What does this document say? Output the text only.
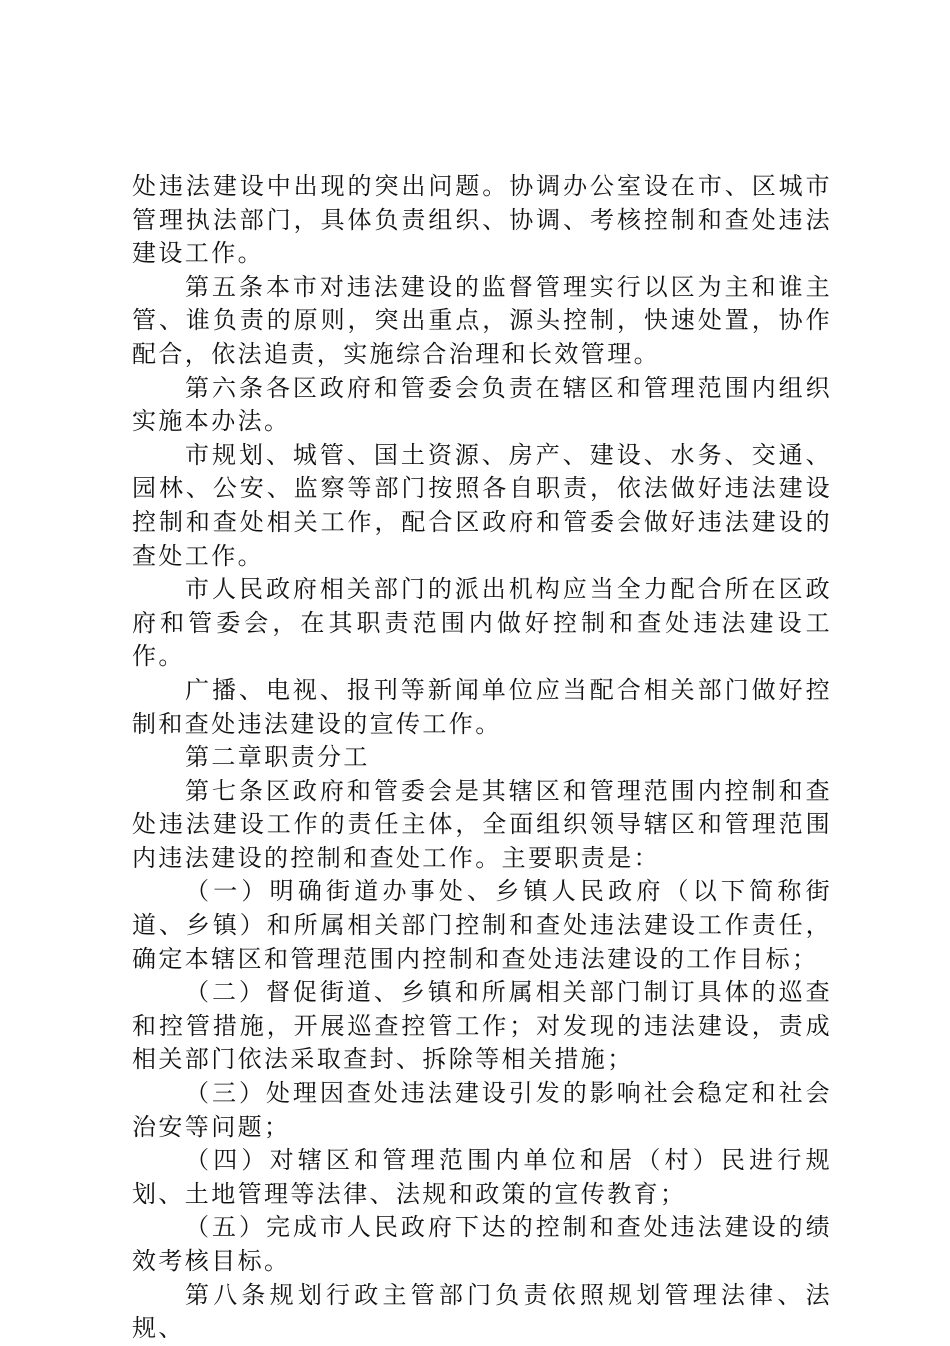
处违法建设中出现的突出问题。协调办公室设在市、区城市管理执法部门，具体负责组织、协调、考核控制和查处违法建设工作。

第五条本市对违法建设的监督管理实行以区为主和谁主管、谁负责的原则，突出重点，源头控制，快速处置，协作配合，依法追责，实施综合治理和长效管理。

第六条各区政府和管委会负责在辖区和管理范围内组织实施本办法。

市规划、城管、国土资源、房产、建设、水务、交通、园林、公安、监察等部门按照各自职责，依法做好违法建设控制和查处相关工作，配合区政府和管委会做好违法建设的查处工作。

市人民政府相关部门的派出机构应当全力配合所在区政府和管委会，在其职责范围内做好控制和查处违法建设工作。

广播、电视、报刊等新闻单位应当配合相关部门做好控制和查处违法建设的宣传工作。

第二章职责分工

第七条区政府和管委会是其辖区和管理范围内控制和查处违法建设工作的责任主体，全面组织领导辖区和管理范围内违法建设的控制和查处工作。主要职责是：

（一）明确街道办事处、乡镇人民政府（以下简称街道、乡镇）和所属相关部门控制和查处违法建设工作责任，确定本辖区和管理范围内控制和查处违法建设的工作目标；

（二）督促街道、乡镇和所属相关部门制订具体的巡查和控管措施，开展巡查控管工作；对发现的违法建设，责成相关部门依法采取查封、拆除等相关措施；

（三）处理因查处违法建设引发的影响社会稳定和社会治安等问题；

（四）对辖区和管理范围内单位和居（村）民进行规划、土地管理等法律、法规和政策的宣传教育；

（五）完成市人民政府下达的控制和查处违法建设的绩效考核目标。

第八条规划行政主管部门负责依照规划管理法律、法规、
